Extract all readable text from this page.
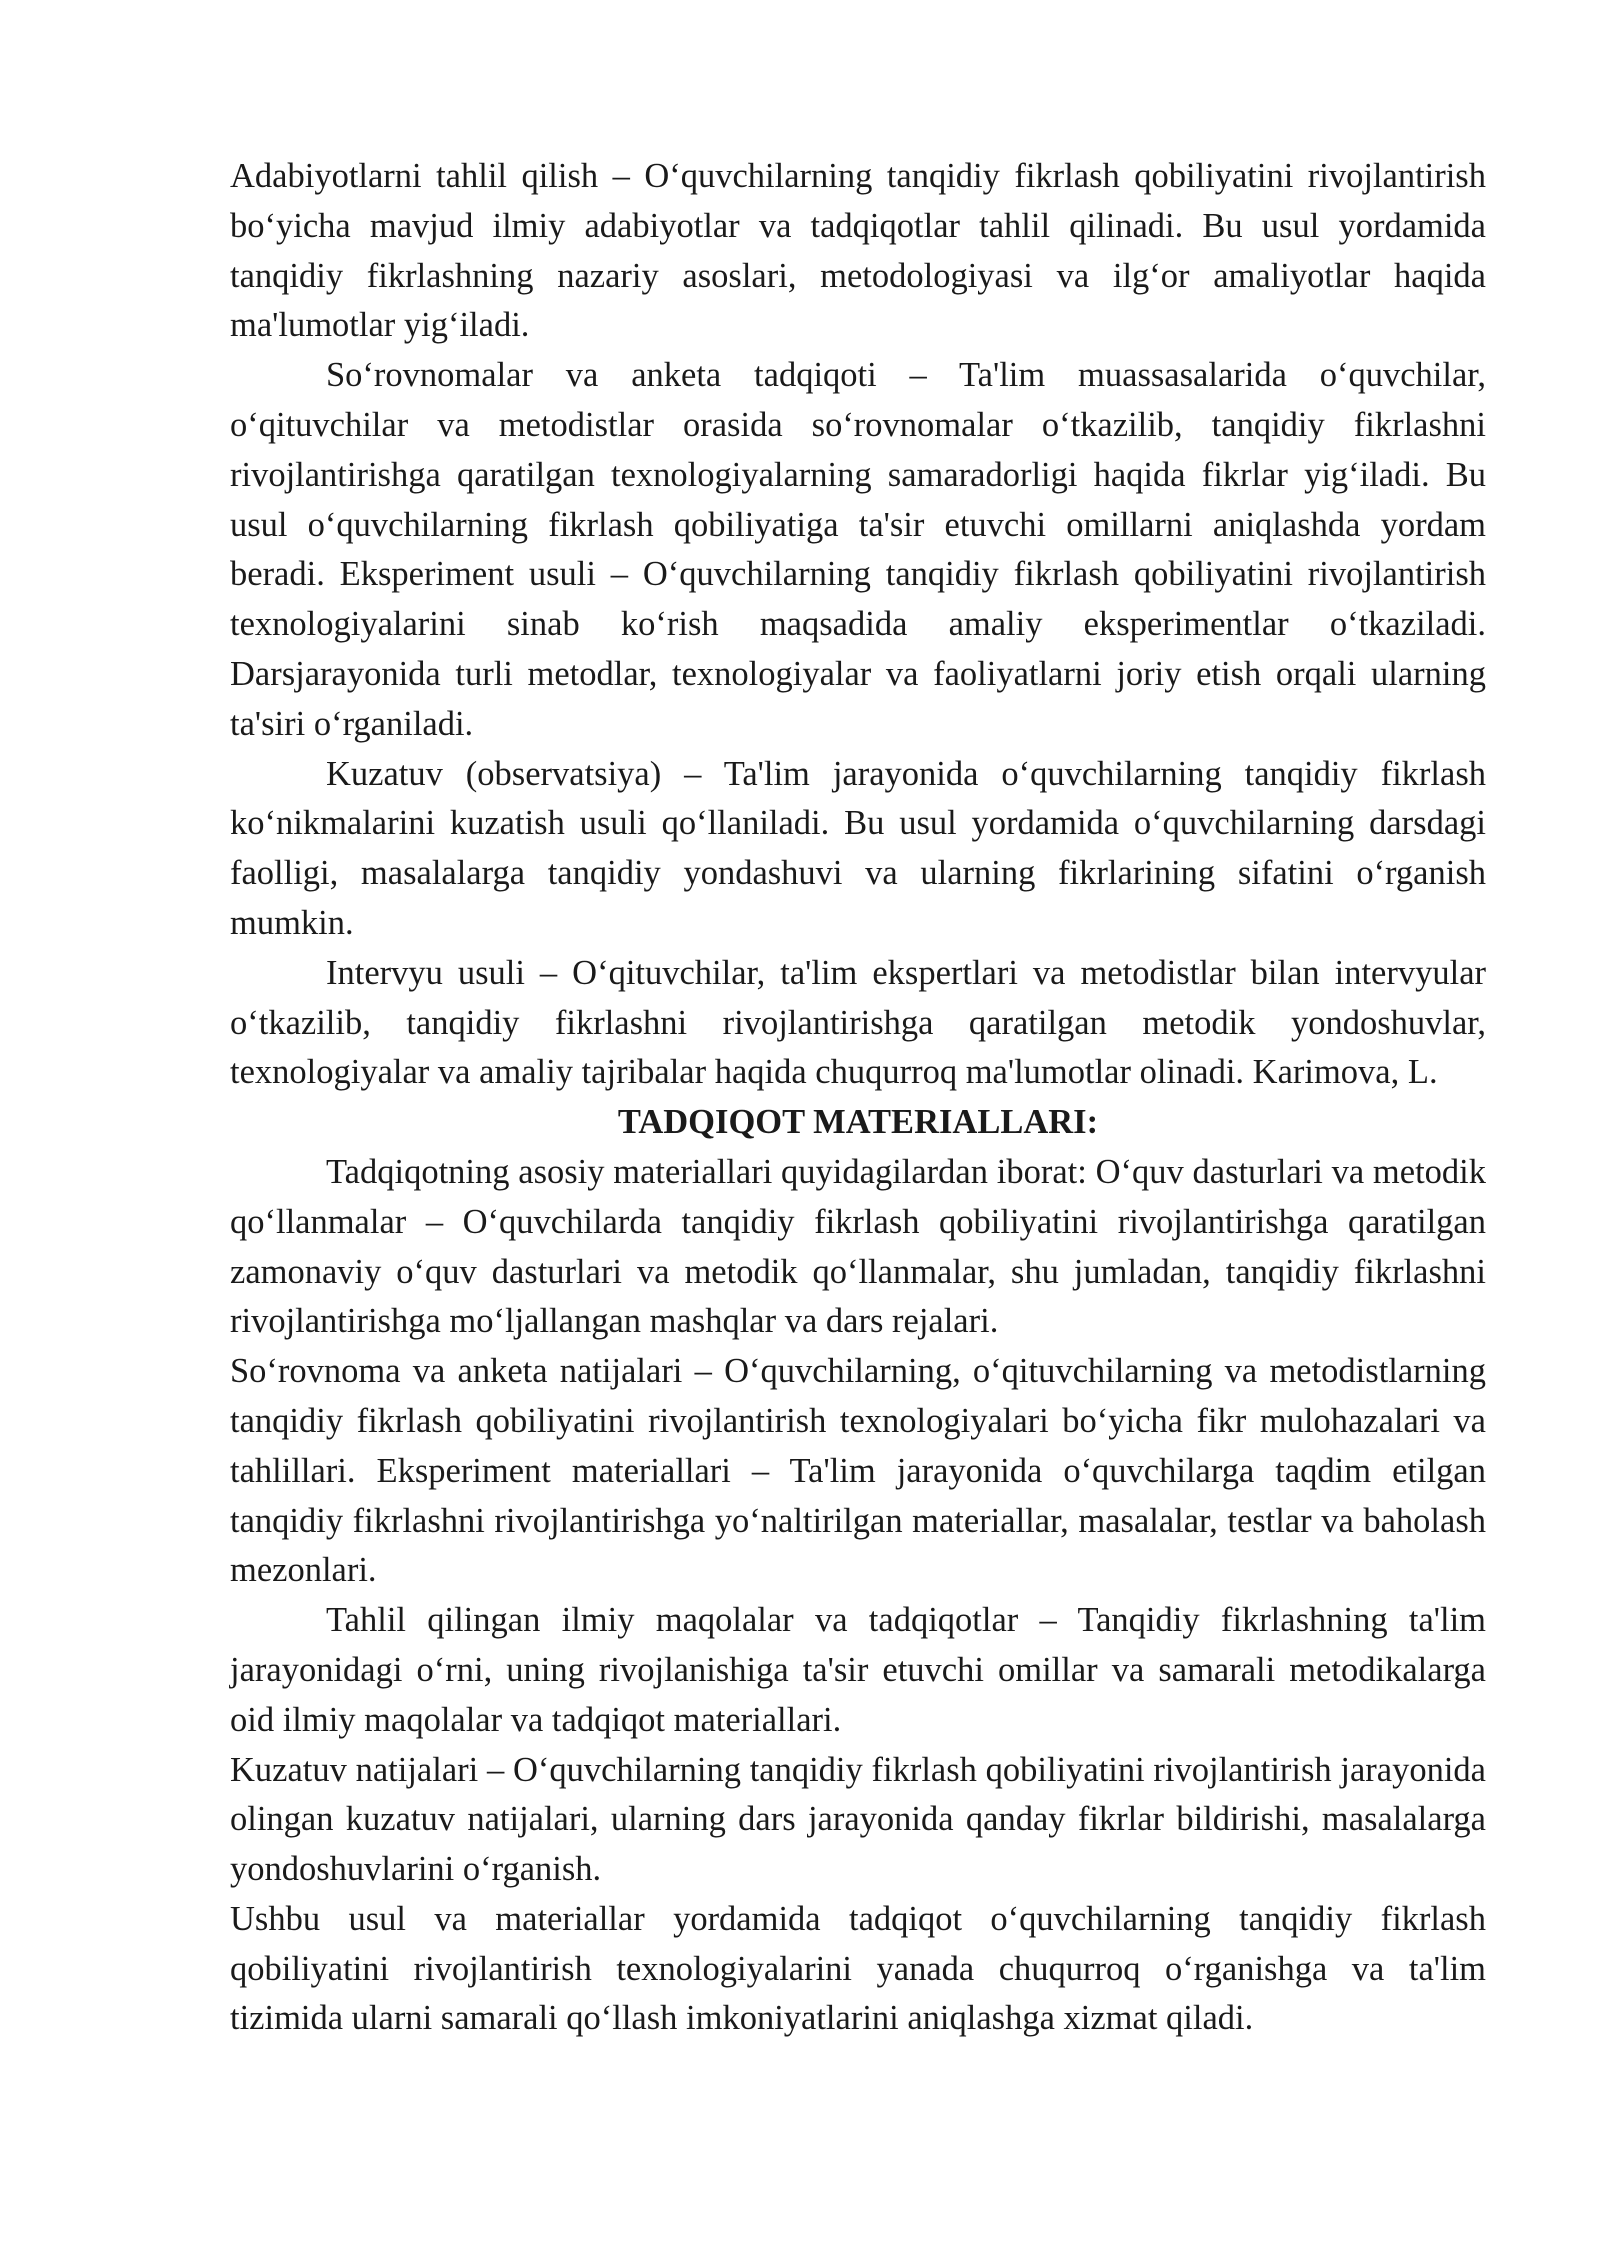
Adabiyotlarni tahlil qilish – O‘quvchilarning tanqidiy fikrlash qobiliyatini rivojlantirish bo‘yicha mavjud ilmiy adabiyotlar va tadqiqotlar tahlil qilinadi. Bu usul yordamida tanqidiy fikrlashning nazariy asoslari, metodologiyasi va ilg‘or amaliyotlar haqida ma'lumotlar yig‘iladi.

So‘rovnomalar va anketa tadqiqoti – Ta'lim muassasalarida o‘quvchilar, o‘qituvchilar va metodistlar orasida so‘rovnomalar o‘tkazilib, tanqidiy fikrlashni rivojlantirishga qaratilgan texnologiyalarning samaradorligi haqida fikrlar yig‘iladi. Bu usul o‘quvchilarning fikrlash qobiliyatiga ta'sir etuvchi omillarni aniqlashda yordam beradi. Eksperiment usuli – O‘quvchilarning tanqidiy fikrlash qobiliyatini rivojlantirish texnologiyalarini sinab ko‘rish maqsadida amaliy eksperimentlar o‘tkaziladi. Darsjarayonida turli metodlar, texnologiyalar va faoliyatlarni joriy etish orqali ularning ta'siri o‘rganiladi.

Kuzatuv (observatsiya) – Ta'lim jarayonida o‘quvchilarning tanqidiy fikrlash ko‘nikmalarini kuzatish usuli qo‘llaniladi. Bu usul yordamida o‘quvchilarning darsdagi faolligi, masalalarga tanqidiy yondashuvi va ularning fikrlarining sifatini o‘rganish mumkin.

Intervyu usuli – O‘qituvchilar, ta'lim ekspertlari va metodistlar bilan intervyular o‘tkazilib, tanqidiy fikrlashni rivojlantirishga qaratilgan metodik yondoshuvlar, texnologiyalar va amaliy tajribalar haqida chuqurroq ma'lumotlar olinadi. Karimova, L.

TADQIQOT MATERIALLARI:

Tadqiqotning asosiy materiallari quyidagilardan iborat: O‘quv dasturlari va metodik qo‘llanmalar – O‘quvchilarda tanqidiy fikrlash qobiliyatini rivojlantirishga qaratilgan zamonaviy o‘quv dasturlari va metodik qo‘llanmalar, shu jumladan, tanqidiy fikrlashni rivojlantirishga mo‘ljallangan mashqlar va dars rejalari.

So‘rovnoma va anketa natijalari – O‘quvchilarning, o‘qituvchilarning va metodistlarning tanqidiy fikrlash qobiliyatini rivojlantirish texnologiyalari bo‘yicha fikr mulohazalari va tahlillari. Eksperiment materiallari – Ta'lim jarayonida o‘quvchilarga taqdim etilgan tanqidiy fikrlashni rivojlantirishga yo‘naltirilgan materiallar, masalalar, testlar va baholash mezonlari.

Tahlil qilingan ilmiy maqolalar va tadqiqotlar – Tanqidiy fikrlashning ta'lim jarayonidagi o‘rni, uning rivojlanishiga ta'sir etuvchi omillar va samarali metodikalarga oid ilmiy maqolalar va tadqiqot materiallari.

Kuzatuv natijalari – O‘quvchilarning tanqidiy fikrlash qobiliyatini rivojlantirish jarayonida olingan kuzatuv natijalari, ularning dars jarayonida qanday fikrlar bildirishi, masalalarga yondoshuvlarini o‘rganish.

Ushbu usul va materiallar yordamida tadqiqot o‘quvchilarning tanqidiy fikrlash qobiliyatini rivojlantirish texnologiyalarini yanada chuqurroq o‘rganishga va ta'lim tizimida ularni samarali qo‘llash imkoniyatlarini aniqlashga xizmat qiladi.
